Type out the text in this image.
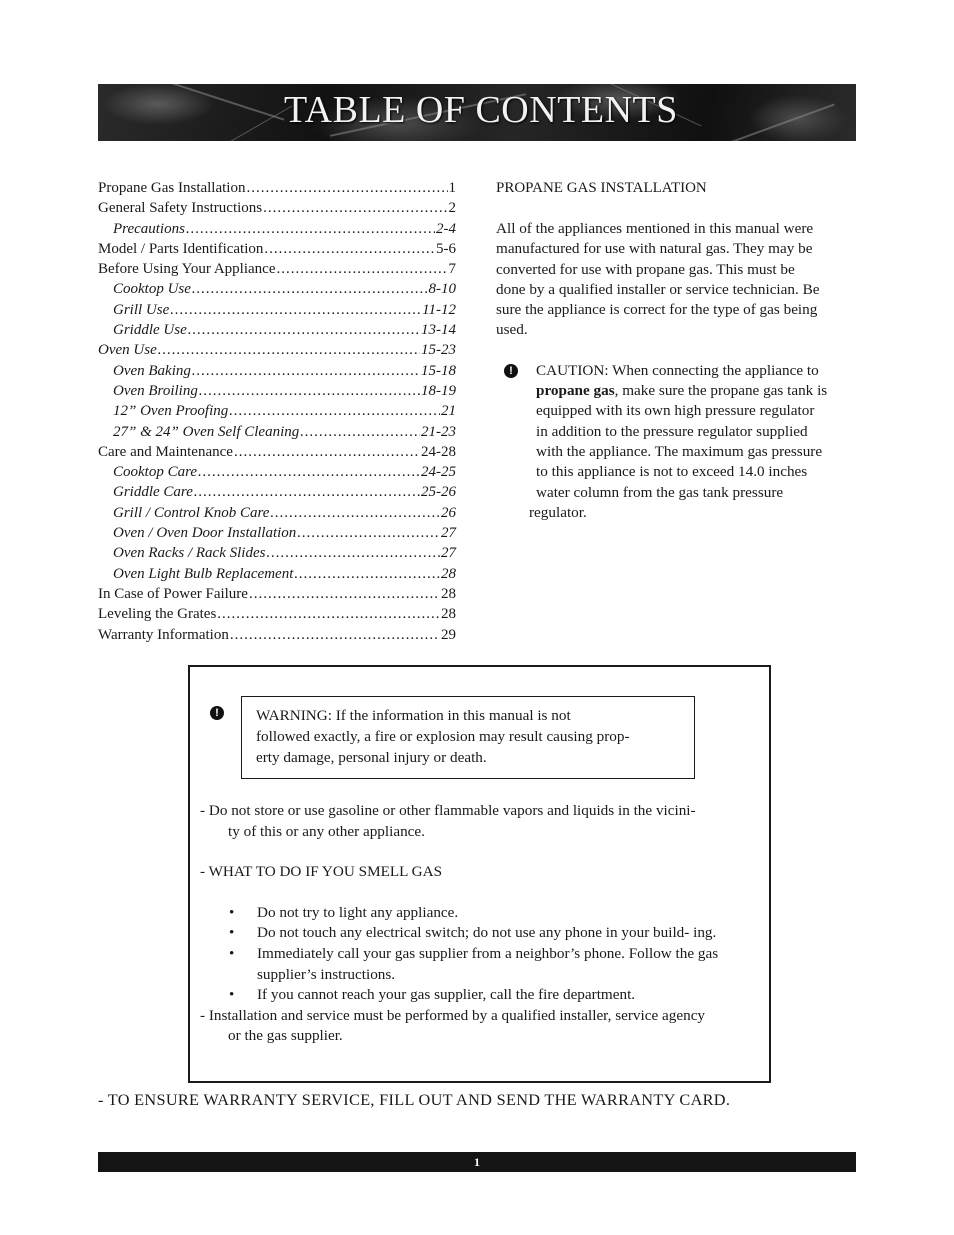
TABLE OF CONTENTS
Propane Gas Installation .....	1
General Safety Instructions .....	2
Precautions .....	2-4
Model / Parts Identification .....	5-6
Before Using Your Appliance .....	7
Cooktop Use .....	8-10
Grill Use .....	11-12
Griddle Use .....	13-14
Oven Use .....	15-23
Oven Baking .....	15-18
Oven Broiling .....	18-19
12” Oven Proofing .....	21
27” & 24” Oven Self Cleaning .....	21-23
Care and Maintenance .....	24-28
Cooktop Care .....	24-25
Griddle Care .....	25-26
Grill / Control Knob Care .....	26
Oven / Oven Door Installation .....	27
Oven Racks / Rack Slides .....	27
Oven Light Bulb Replacement .....	28
In Case of Power Failure .....	28
Leveling the Grates .....	28
Warranty Information .....	29
PROPANE GAS INSTALLATION
All of the appliances mentioned in this manual were
manufactured for use with natural gas. They may be
converted for use with propane gas. This must be
done by a qualified installer or service technician. Be
sure the appliance is correct for the type of gas being
used.
!	CAUTION: When connecting the appliance to
propane gas, make sure the propane gas tank is
equipped with its own high pressure regulator
in addition to the pressure regulator supplied
with the appliance. The maximum gas pressure
to this appliance is not to exceed 14.0 inches
water column from the gas tank pressure
regulator.
!	WARNING: If the information in this manual is not
followed exactly, a fire or explosion may result causing prop-
erty damage, personal injury or death.

- Do not store or use gasoline or other flammable vapors and liquids in the vicini-

ty of this or any other appliance.

- WHAT TO DO IF YOU SMELL GAS

• Do not try to light any appliance.
• Do not touch any electrical switch; do not use any phone in your build- ing.
• Immediately call your gas supplier from a neighbor’s phone. Follow the gas supplier’s instructions.
• If you cannot reach your gas supplier, call the fire department.

- Installation and service must be performed by a qualified installer, service agency

or the gas supplier.

- TO ENSURE WARRANTY SERVICE, FILL OUT AND SEND THE WARRANTY CARD.
1
